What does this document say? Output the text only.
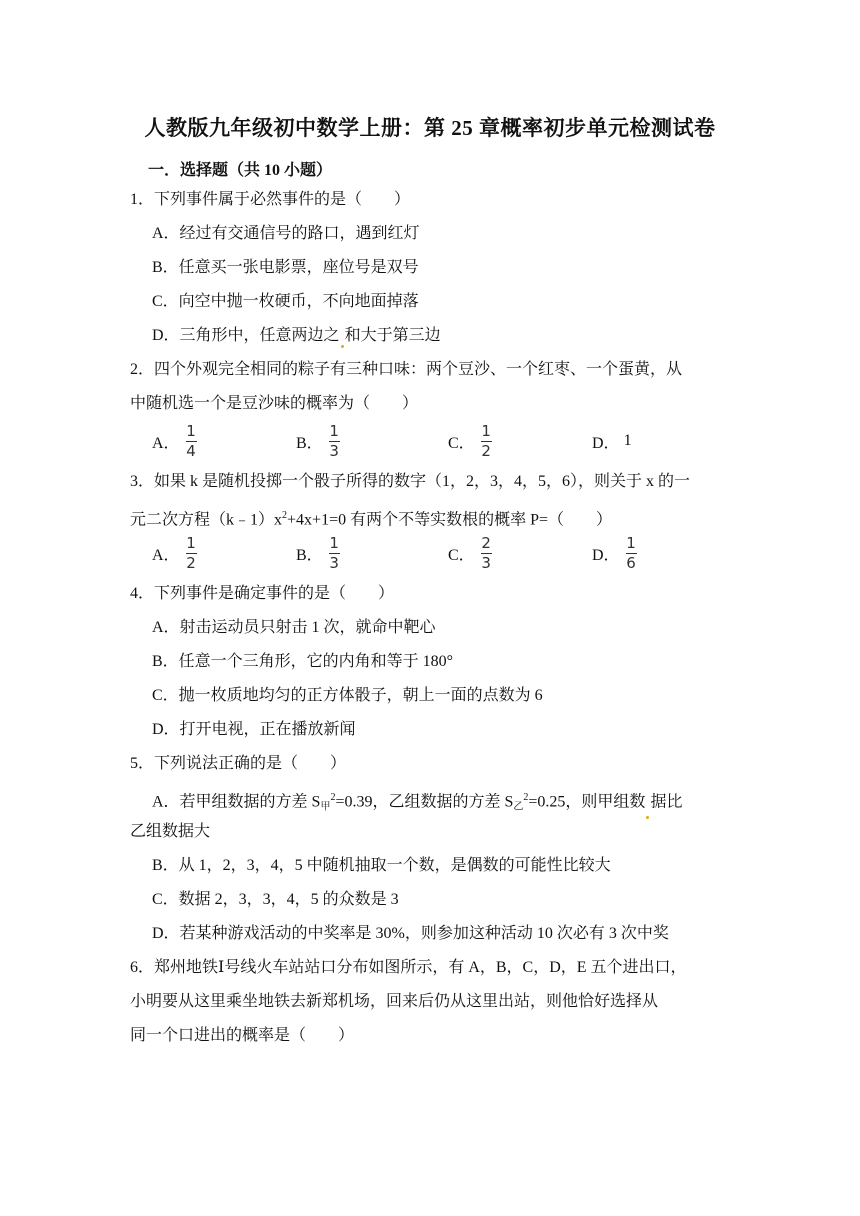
人教版九年级初中数学上册：第 25 章概率初步单元检测试卷
一．选择题（共 10 小题）
1．下列事件属于必然事件的是（　　）
A．经过有交通信号的路口，遇到红灯
B．任意买一张电影票，座位号是双号
C．向空中抛一枚硬币，不向地面掉落
D．三角形中，任意两边之 和大于第三边
2．四个外观完全相同的粽子有三种口味：两个豆沙、一个红枣、一个蛋黄，从
中随机选一个是豆沙味的概率为（　　）
A． $\frac{1}{4}$	B． $\frac{1}{3}$	C． $\frac{1}{2}$	D． 1
3．如果 k 是随机投掷一个骰子所得的数字（1，2，3，4，5，6），则关于 x 的一
元二次方程$(k﹣1)x^2+4x+1=0$ 有两个不等实数根的概率 P=（　　）
A． $\frac{1}{2}$	B． $\frac{1}{3}$	C． $\frac{2}{3}$	D． $\frac{1}{6}$
4．下列事件是确定事件的是（　　）
A．射击运动员只射击 1 次，就命中靶心
B．任意一个三角形，它的内角和等于 180°
C．抛一枚质地均匀的正方体骰子，朝上一面的点数为 6
D．打开电视，正在播放新闻
5．下列说法正确的是（　　）
A．若甲组数据的方差 $S_甲^2=0.39$，乙组数据的方差 $S_乙^2=0.25$，则甲组数 据比
乙组数据大
B．从 1，2，3，4，5 中随机抽取一个数，是偶数的可能性比较大
C．数据 2，3，3，4，5 的众数是 3
D．若某种游戏活动的中奖率是 30%，则参加这种活动 10 次必有 3 次中奖
6．郑州地铁Ⅰ号线火车站站口分布如图所示，有 A，B，C，D，E 五个进出口，
小明要从这里乘坐地铁去新郑机场，回来后仍从这里出站，则他恰好选择从
同一个口进出的概率是（　　）
